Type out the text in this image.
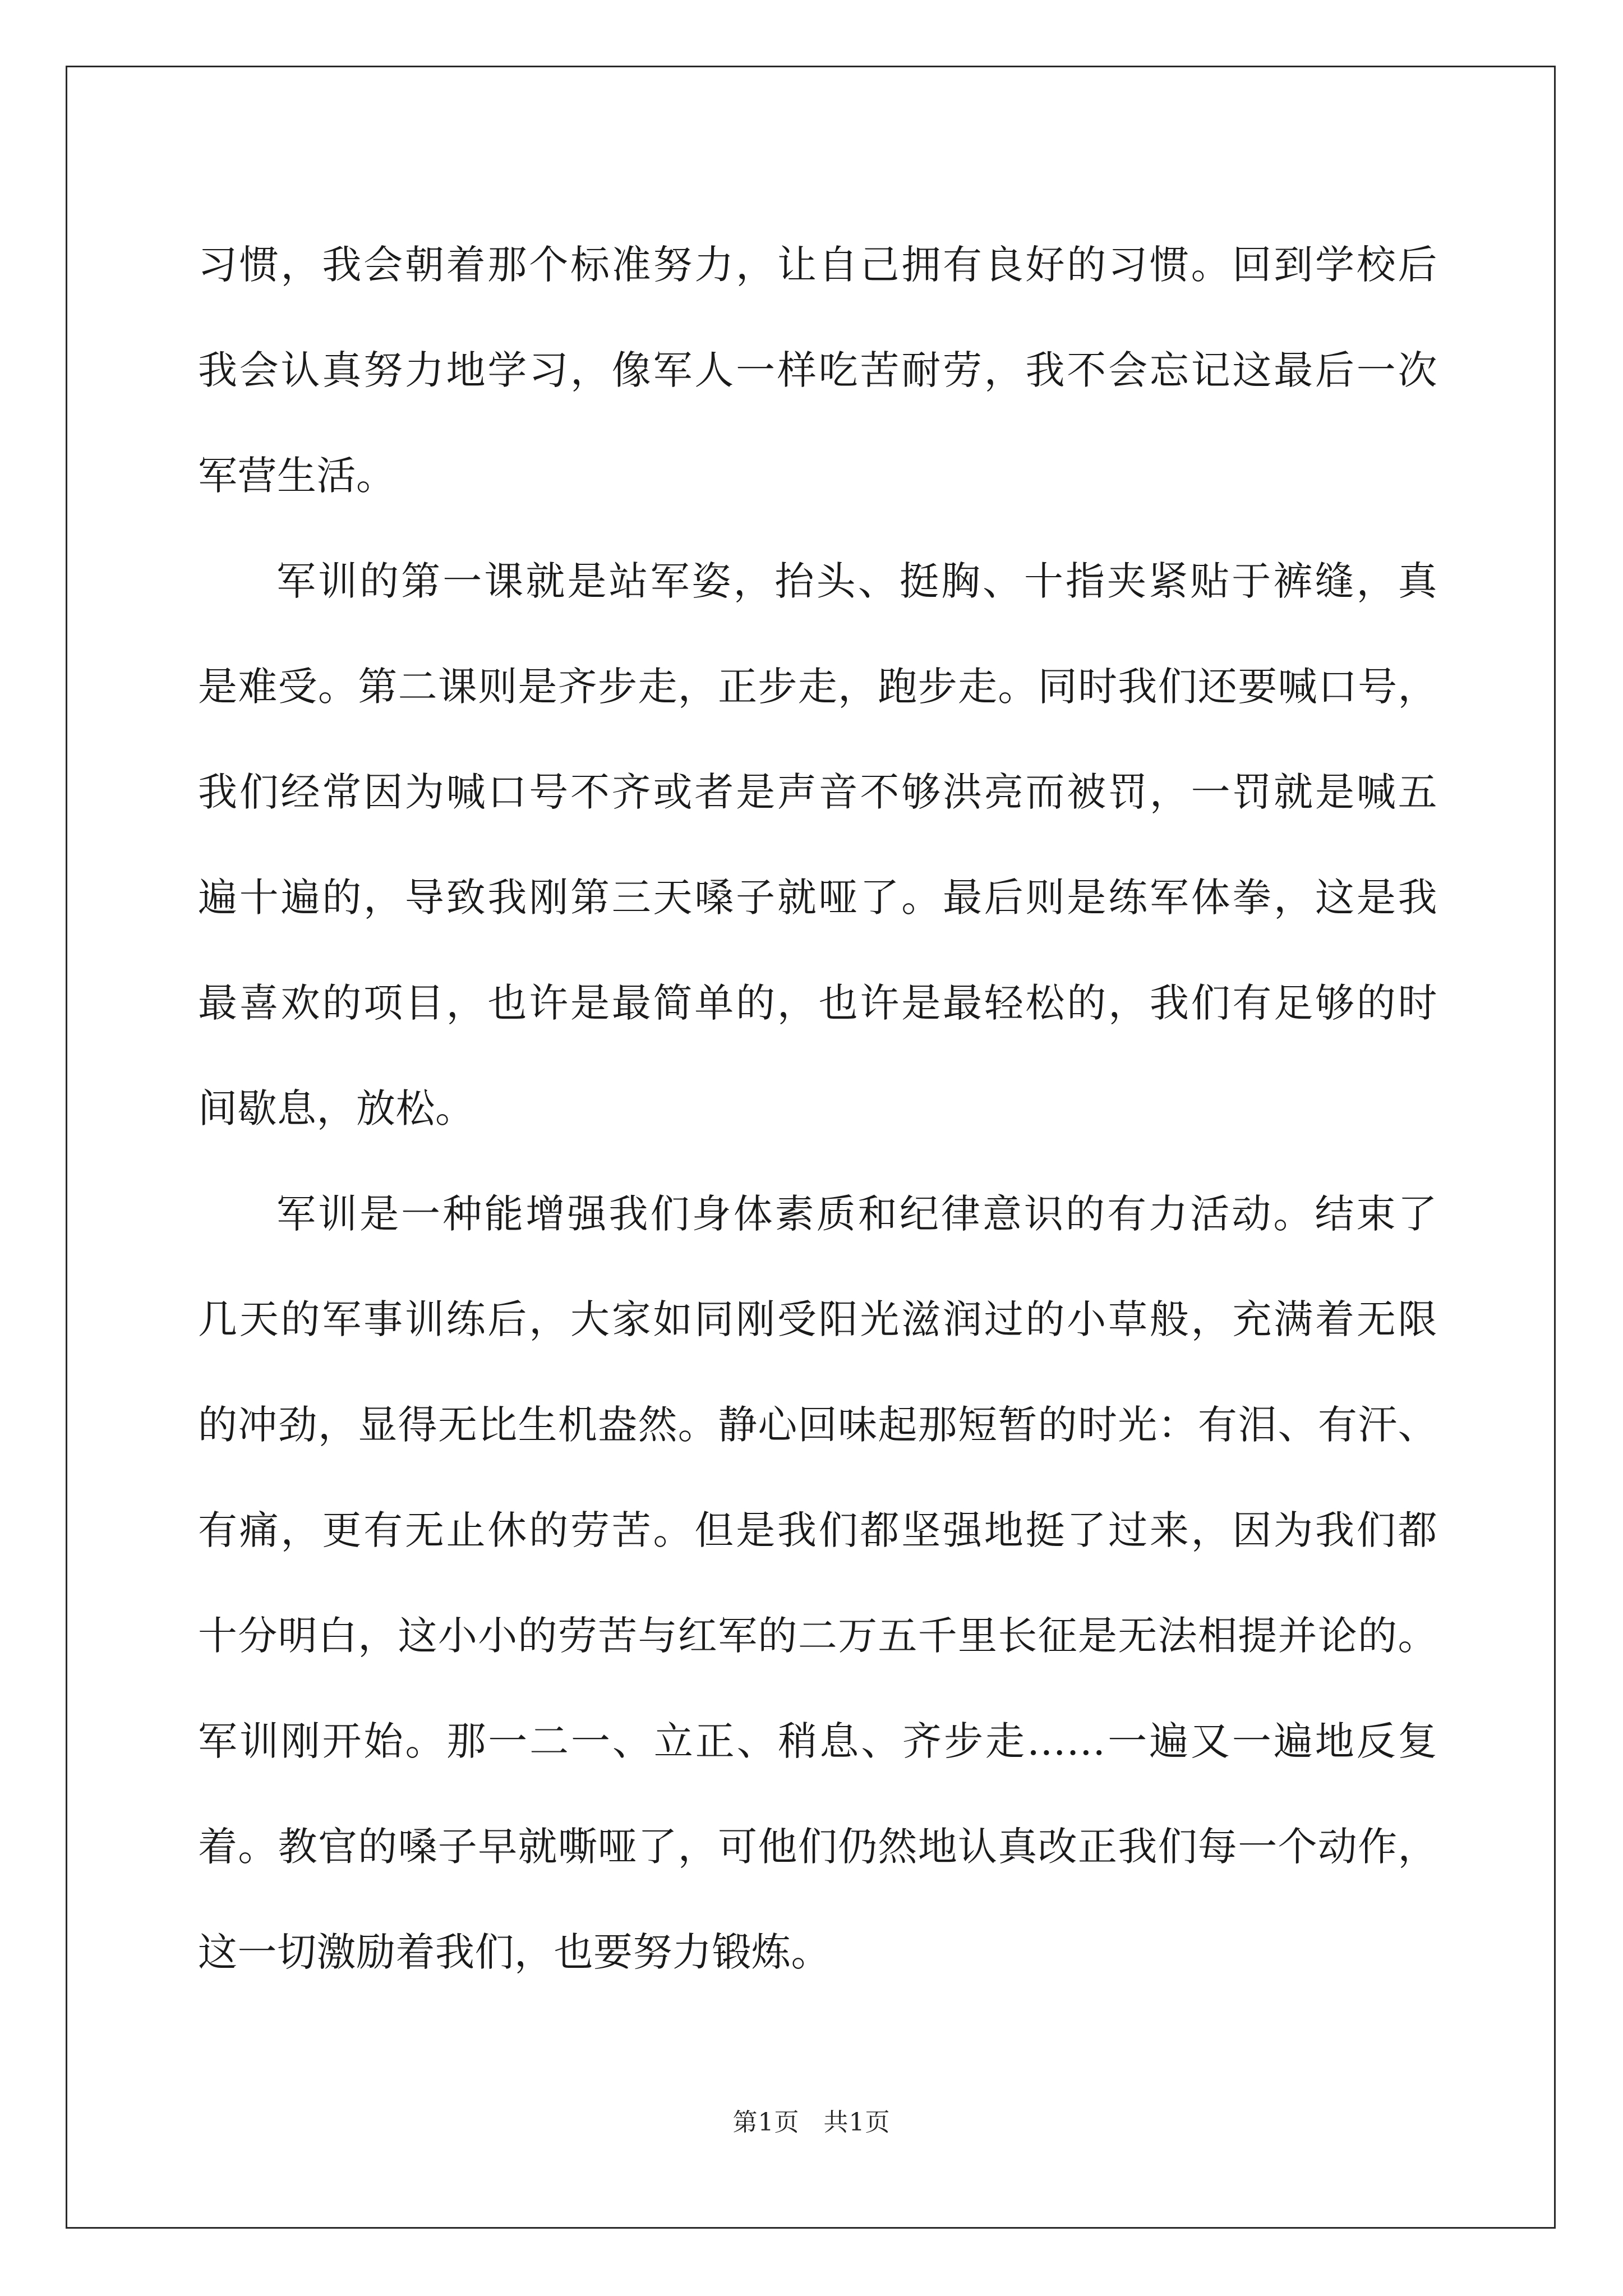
习惯，我会朝着那个标准努力，让自己拥有良好的习惯。回到学校后
我会认真努力地学习，像军人一样吃苦耐劳，我不会忘记这最后一次
军营生活。
军训的第一课就是站军姿，抬头、挺胸、十指夹紧贴于裤缝，真
是难受。第二课则是齐步走，正步走，跑步走。同时我们还要喊口号，
我们经常因为喊口号不齐或者是声音不够洪亮而被罚，一罚就是喊五
遍十遍的，导致我刚第三天嗓子就哑了。最后则是练军体拳，这是我
最喜欢的项目，也许是最简单的，也许是最轻松的，我们有足够的时
间歇息，放松。
军训是一种能增强我们身体素质和纪律意识的有力活动。结束了
几天的军事训练后，大家如同刚受阳光滋润过的小草般，充满着无限
的冲劲，显得无比生机盎然。静心回味起那短暂的时光：有泪、有汗、
有痛，更有无止休的劳苦。但是我们都坚强地挺了过来，因为我们都
十分明白，这小小的劳苦与红军的二万五千里长征是无法相提并论的。
军训刚开始。那一二一、立正、稍息、齐步走……一遍又一遍地反复
着。教官的嗓子早就嘶哑了，可他们仍然地认真改正我们每一个动作，
这一切激励着我们，也要努力锻炼。
第1页 共1页
